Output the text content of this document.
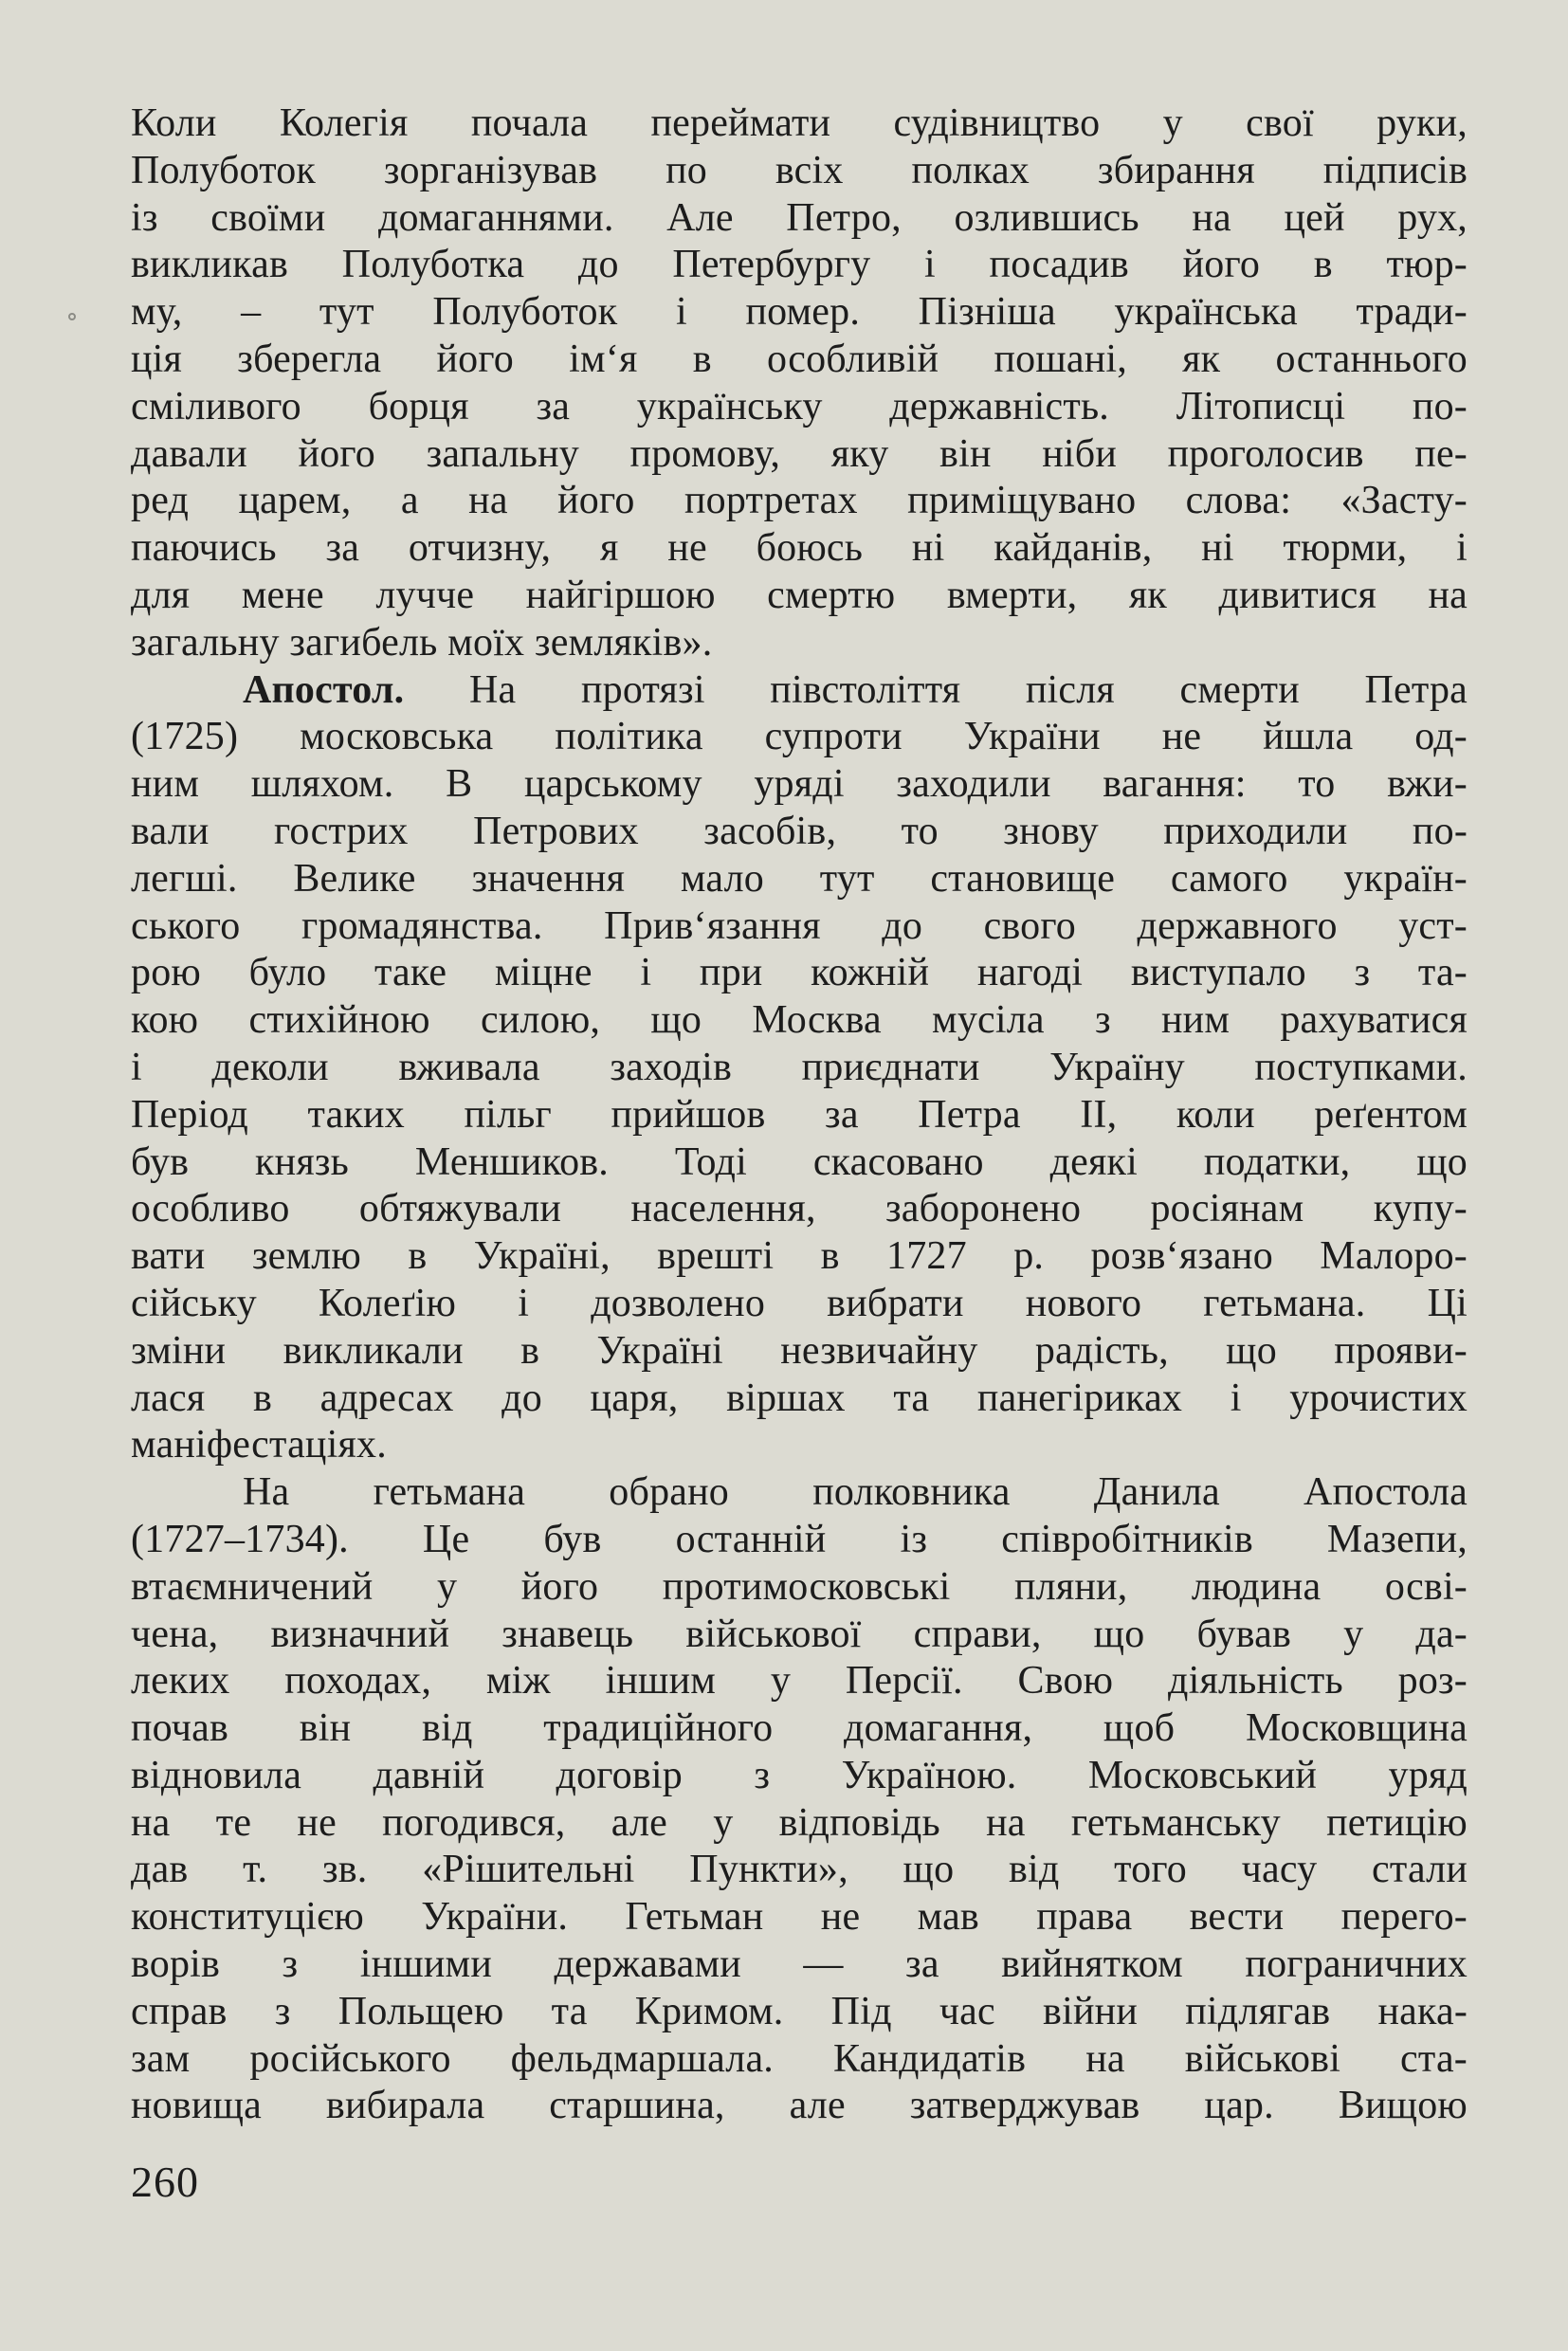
Коли Колегія почала переймати судівництво у свої руки,
Полуботок зорганізував по всіх полках збирання підписів
із своїми домаганнями. Але Петро, озлившись на цей рух,
викликав Полуботка до Петербургу і посадив його в тюр-
му, – тут Полуботок і помер. Пізніша українська тради-
ція зберегла його ім‘я в особливій пошані, як останнього
сміливого борця за українську державність. Літописці по-
давали його запальну промову, яку він ніби проголосив пе-
ред царем, а на його портретах приміщувано слова: «Засту-
паючись за отчизну, я не боюсь ні кайданів, ні тюрми, і
для мене лучче найгіршою смертю вмерти, як дивитися на
загальну загибель моїх земляків».
Апостол. На протязі півстоліття після смерти Петра
(1725) московська політика супроти України не йшла од-
ним шляхом. В царському уряді заходили вагання: то вжи-
вали гострих Петрових засобів, то знову приходили по-
легші. Велике значення мало тут становище самого україн-
ського громадянства. Прив‘язання до свого державного уст-
рою було таке міцне і при кожній нагоді виступало з та-
кою стихійною силою, що Москва мусіла з ним рахуватися
і деколи вживала заходів приєднати Україну поступками.
Період таких пільг прийшов за Петра II, коли реґентом
був князь Меншиков. Тоді скасовано деякі податки, що
особливо обтяжували населення, заборонено росіянам купу-
вати землю в Україні, врешті в 1727 р. розв‘язано Малоро-
сійську Колеґію і дозволено вибрати нового гетьмана. Ці
зміни викликали в Україні незвичайну радість, що прояви-
лася в адресах до царя, віршах та панегіриках і урочистих
маніфестаціях.
На гетьмана обрано полковника Данила Апостола
(1727–1734). Це був останній із співробітників Мазепи,
втаємничений у його протимосковські пляни, людина осві-
чена, визначний знавець військової справи, що бував у да-
леких походах, між іншим у Персії. Свою діяльність роз-
почав він від традиційного домагання, щоб Московщина
відновила давній договір з Україною. Московський уряд
на те не погодився, але у відповідь на гетьманську петицію
дав т. зв. «Рішительні Пункти», що від того часу стали
конституцією України. Гетьман не мав права вести перего-
ворів з іншими державами — за вийнятком пограничних
справ з Польщею та Кримом. Під час війни підлягав нака-
зам російського фельдмаршала. Кандидатів на військові ста-
новища вибирала старшина, але затверджував цар. Вищою
260
